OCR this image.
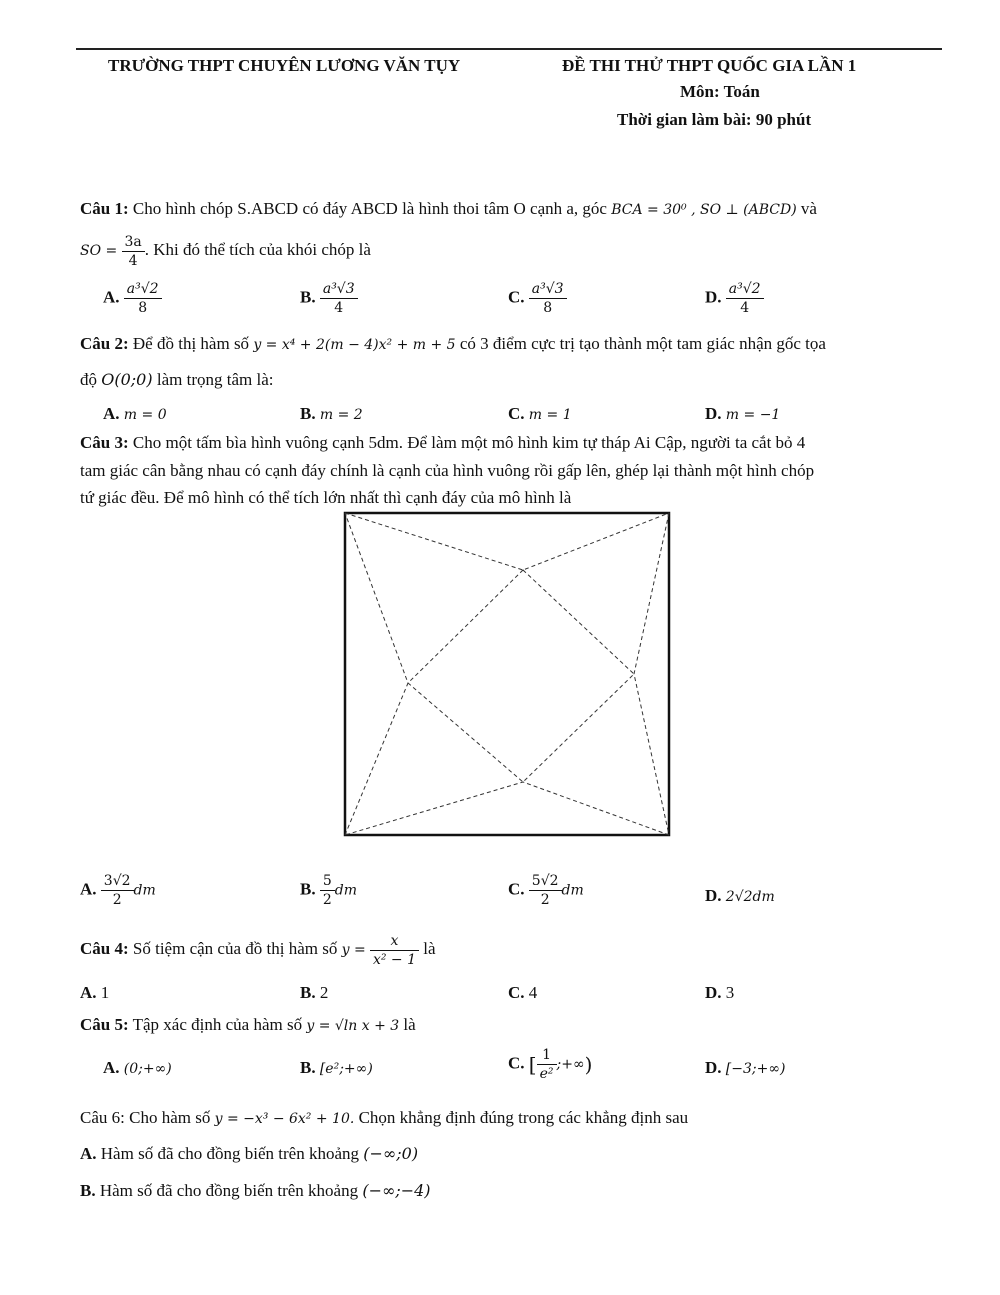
TRƯỜNG THPT CHUYÊN LƯƠNG VĂN TỤY	ĐỀ THI THỬ THPT QUỐC GIA LẦN 1
Môn: Toán
Thời gian làm bài: 90 phút
Câu 1: Cho hình chóp S.ABCD có đáy ABCD là hình thoi tâm O cạnh a, góc BCA = 30⁰ , SO ⊥ (ABCD) và
SO = $\frac{3a}{4}$ . Khi đó thể tích của khói chóp là
A. $\frac{\text{a³√2}}{8}$	B. $\frac{\text{a³√3}}{4}$	C. $\frac{\text{a³√3}}{8}$	D. $\frac{\text{a³√2}}{4}$
Câu 2: Để đồ thị hàm số y = x⁴ + 2(m − 4)x² + m + 5 có 3 điểm cực trị tạo thành một tam giác nhận gốc tọa
độ O(0;0) làm trọng tâm là:
A. m = 0	B. m = 2	C. m = 1	D. m = −1
Câu 3: Cho một tấm bìa hình vuông cạnh 5dm. Để làm một mô hình kim tự tháp Ai Cập, người ta cắt bỏ 4
tam giác cân bằng nhau có cạnh đáy chính là cạnh của hình vuông rồi gấp lên, ghép lại thành một hình chóp
tứ giác đều. Để mô hình có thể tích lớn nhất thì cạnh đáy của mô hình là
A. $\frac{3√2}{2}$ dm	B. $\frac{5}{2}$ dm	C. $\frac{5√2}{2}$ dm	D. 2√2dm
Câu 4: Số tiệm cận của đồ thị hàm số $y = \frac{x}{\text{x² − 1}}$ là
A. 1	B. 2	C. 4	D. 3
Câu 5: Tập xác định của hàm số y = √ln x + 3 là
A. (0;+∞)	B. [e²;+∞)	C. [ $\frac{1}{\text{e²}}$ ;+∞)	D. [−3;+∞)
Câu 6: Cho hàm số y = −x³ − 6x² + 10. Chọn khẳng định đúng trong các khẳng định sau
A. Hàm số đã cho đồng biến trên khoảng (−∞;0)
B. Hàm số đã cho đồng biến trên khoảng (−∞;−4)
